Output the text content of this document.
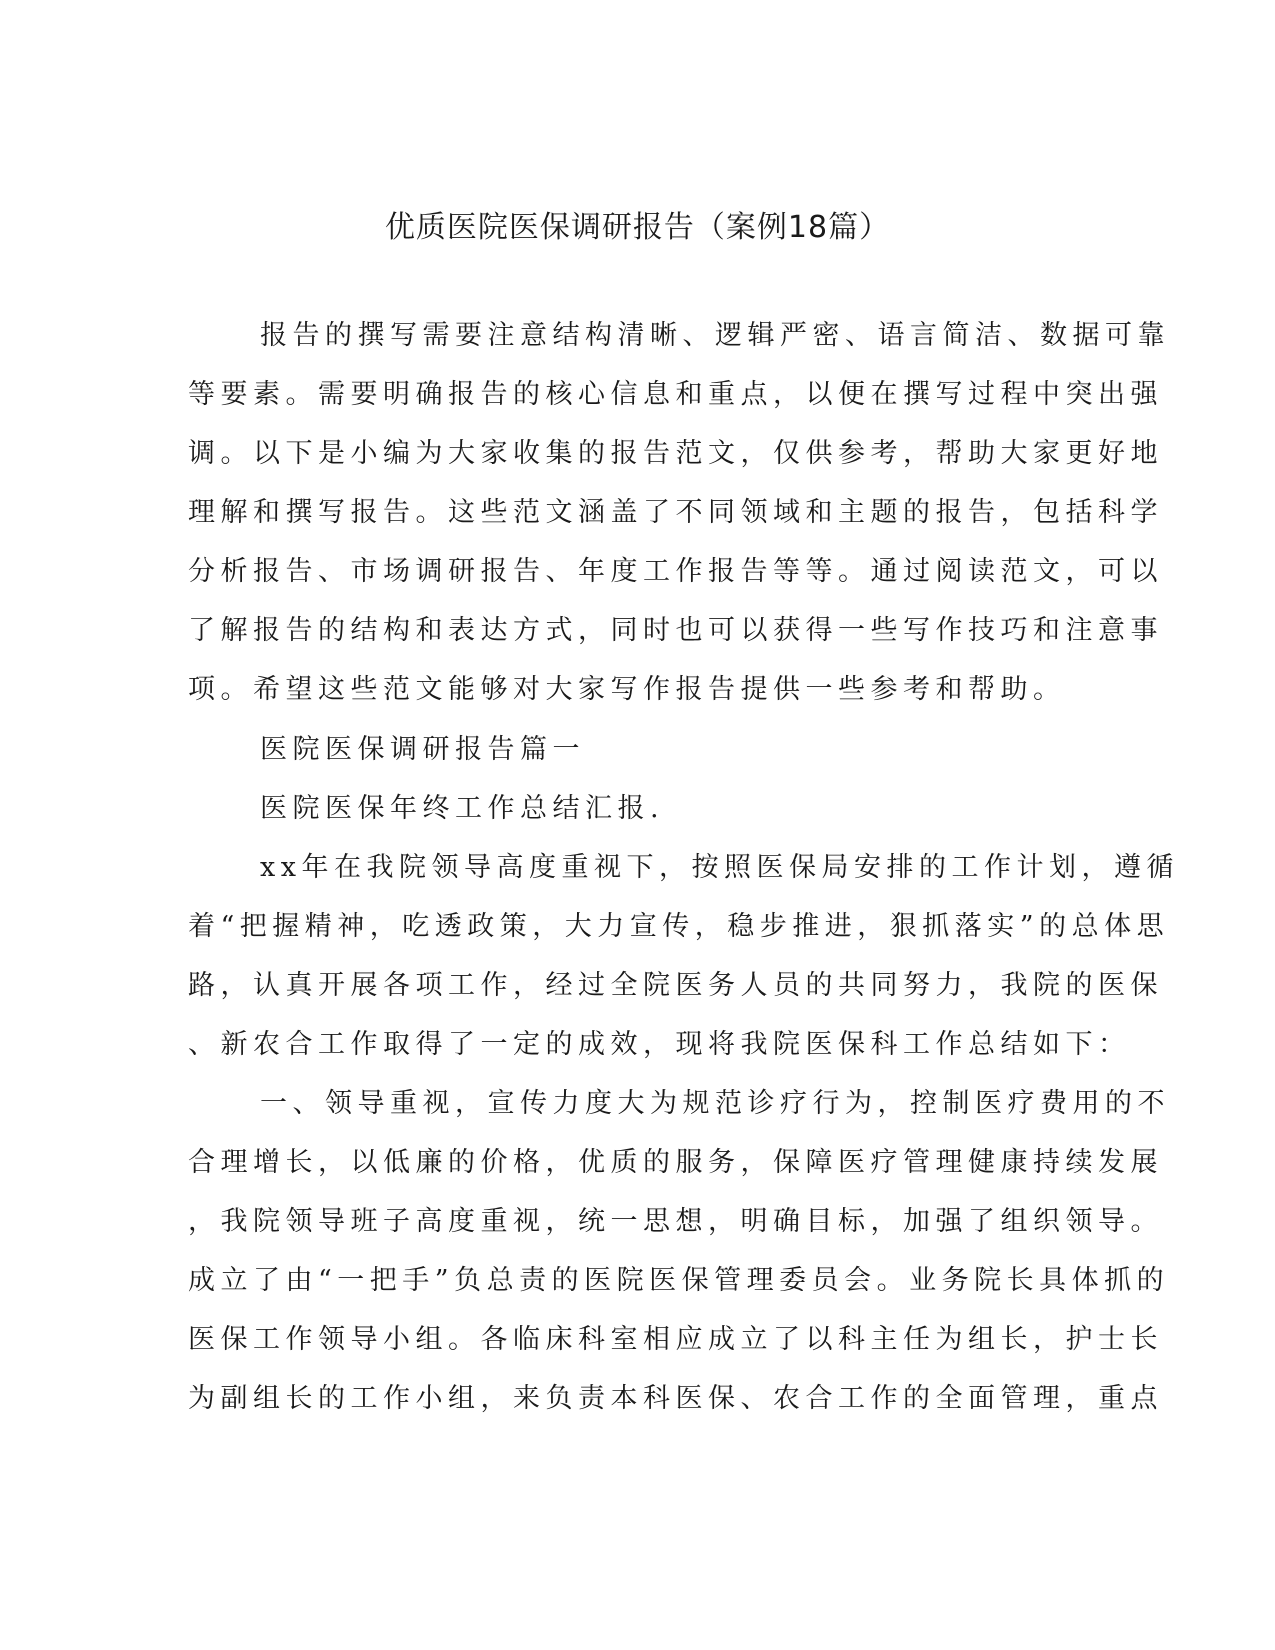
优质医院医保调研报告（案例18篇）
报告的撰写需要注意结构清晰、逻辑严密、语言简洁、数据可靠
等要素。需要明确报告的核心信息和重点，以便在撰写过程中突出强
调。以下是小编为大家收集的报告范文，仅供参考，帮助大家更好地
理解和撰写报告。这些范文涵盖了不同领域和主题的报告，包括科学
分析报告、市场调研报告、年度工作报告等等。通过阅读范文，可以
了解报告的结构和表达方式，同时也可以获得一些写作技巧和注意事
项。希望这些范文能够对大家写作报告提供一些参考和帮助。
医院医保调研报告篇一
医院医保年终工作总结汇报.
xx年在我院领导高度重视下，按照医保局安排的工作计划，遵循
着“把握精神，吃透政策，大力宣传，稳步推进，狠抓落实”的总体思
路，认真开展各项工作，经过全院医务人员的共同努力，我院的医保
、新农合工作取得了一定的成效，现将我院医保科工作总结如下：
一、领导重视，宣传力度大为规范诊疗行为，控制医疗费用的不
合理增长，以低廉的价格，优质的服务，保障医疗管理健康持续发展
，我院领导班子高度重视，统一思想，明确目标，加强了组织领导。
成立了由“一把手”负总责的医院医保管理委员会。业务院长具体抓的
医保工作领导小组。各临床科室相应成立了以科主任为组长，护士长
为副组长的工作小组，来负责本科医保、农合工作的全面管理，重点
